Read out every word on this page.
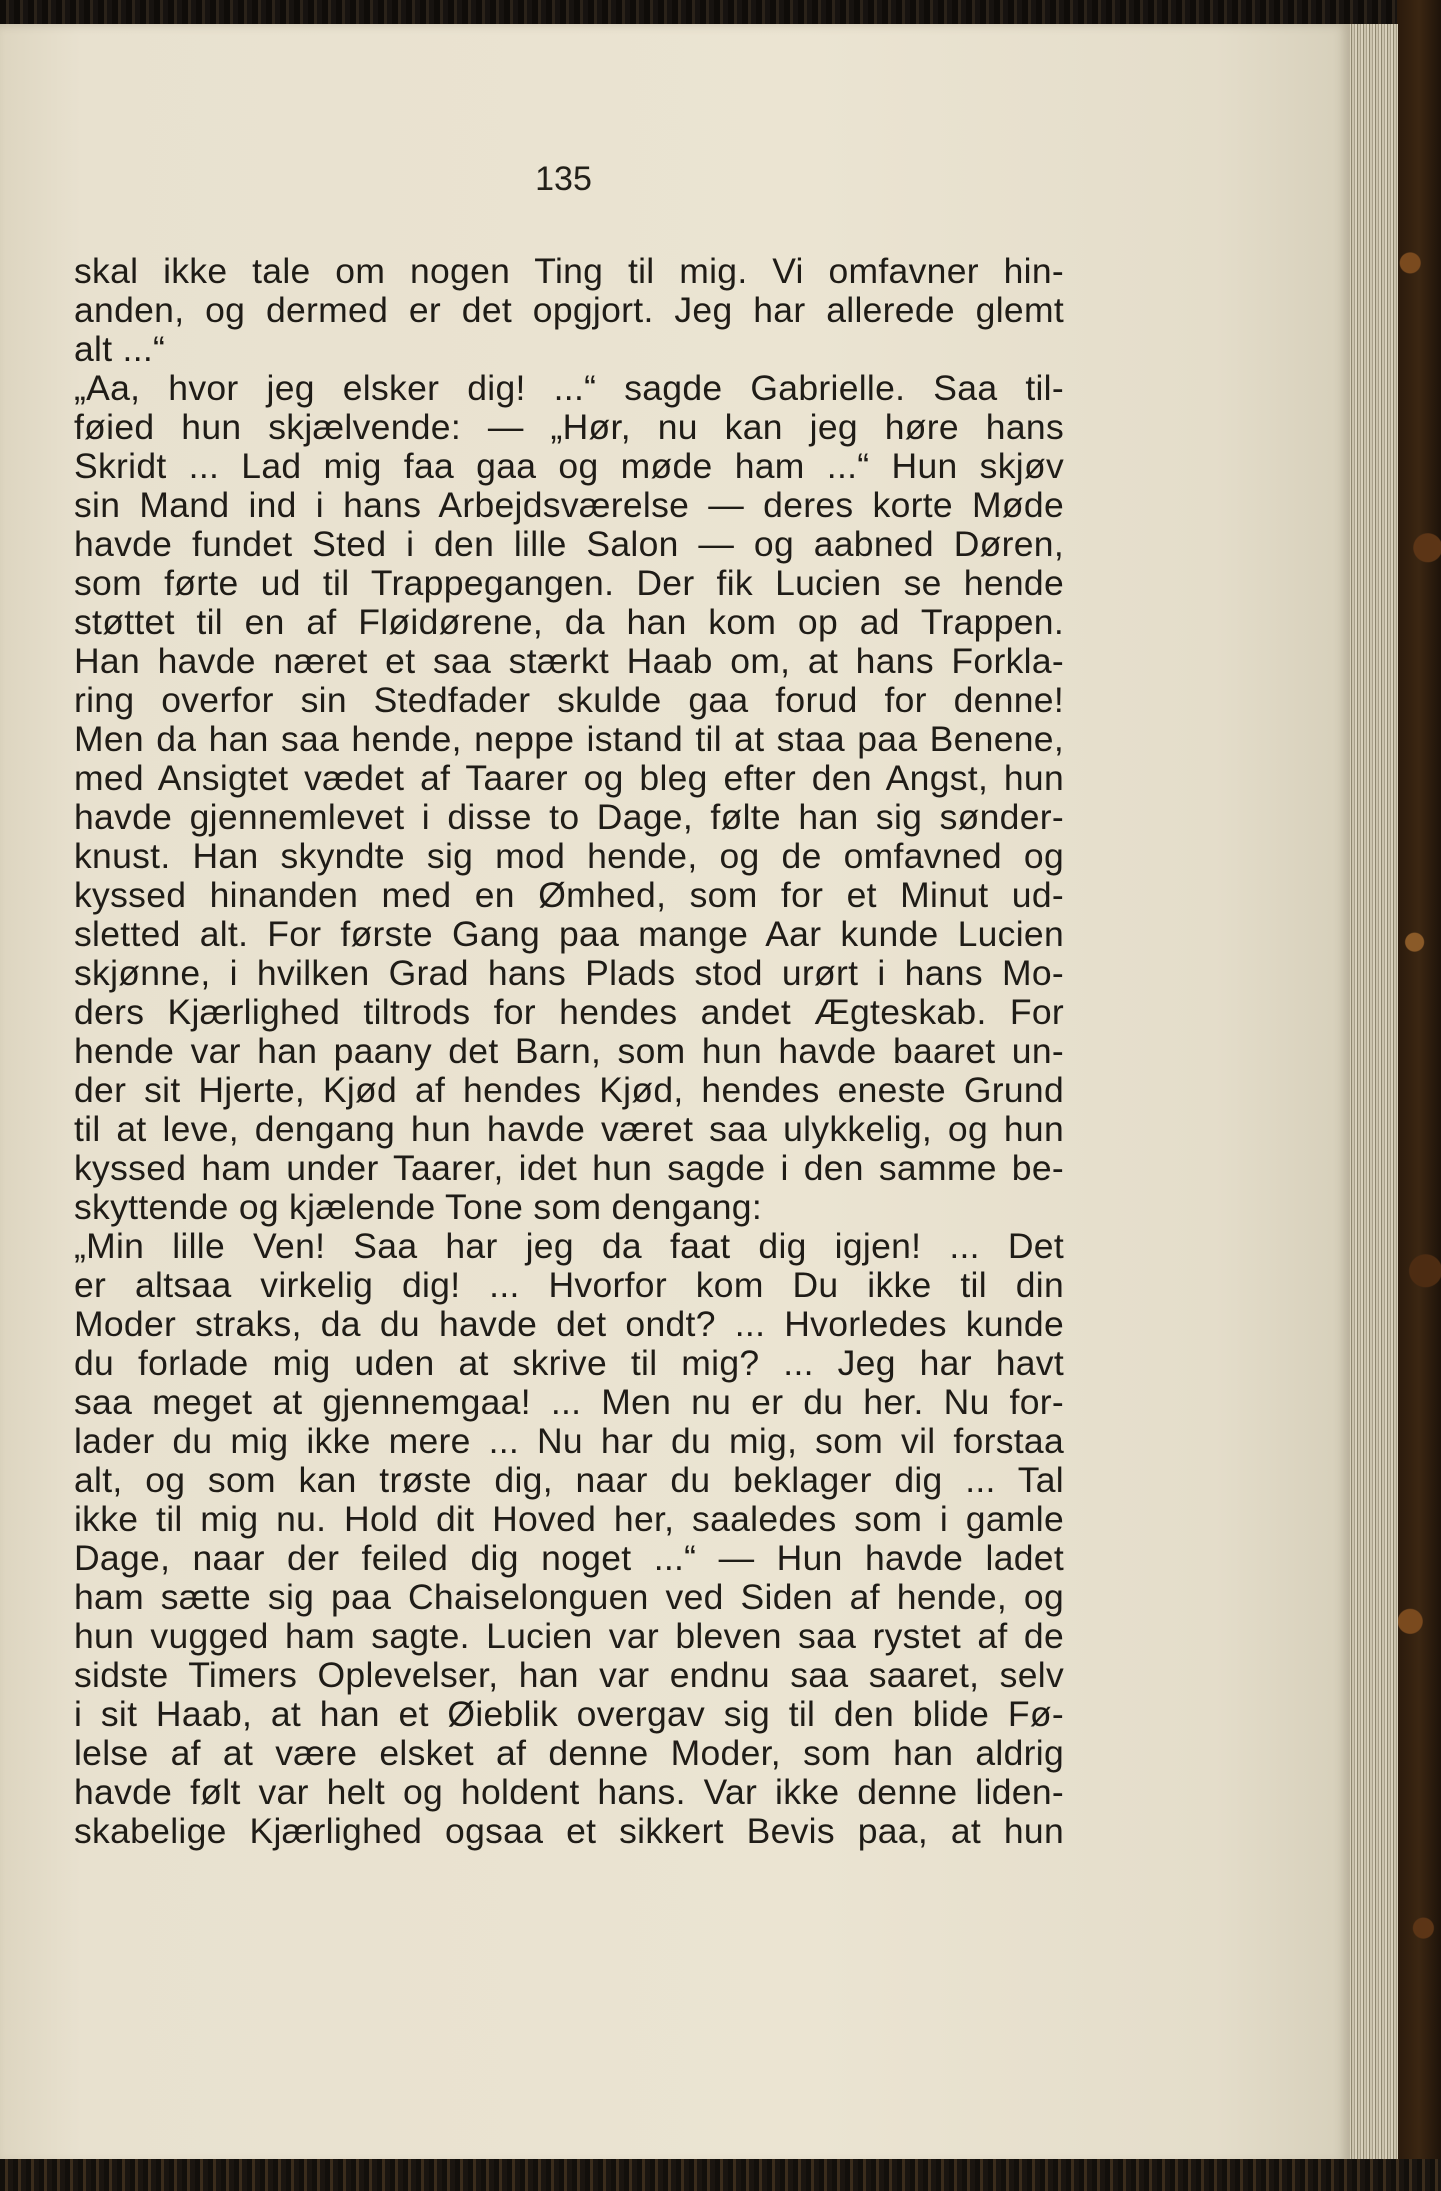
135
skal ikke tale om nogen Ting til mig. Vi omfavner hin-
anden, og dermed er det opgjort. Jeg har allerede glemt
alt ...“
„Aa, hvor jeg elsker dig! ...“ sagde Gabrielle. Saa til-
føied hun skjælvende: — „Hør, nu kan jeg høre hans
Skridt ... Lad mig faa gaa og møde ham ...“ Hun skjøv
sin Mand ind i hans Arbejdsværelse — deres korte Møde
havde fundet Sted i den lille Salon — og aabned Døren,
som førte ud til Trappegangen. Der fik Lucien se hende
støttet til en af Fløidørene, da han kom op ad Trappen.
Han havde næret et saa stærkt Haab om, at hans Forkla-
ring overfor sin Stedfader skulde gaa forud for denne!
Men da han saa hende, neppe istand til at staa paa Benene,
med Ansigtet vædet af Taarer og bleg efter den Angst, hun
havde gjennemlevet i disse to Dage, følte han sig sønder-
knust. Han skyndte sig mod hende, og de omfavned og
kyssed hinanden med en Ømhed, som for et Minut ud-
sletted alt. For første Gang paa mange Aar kunde Lucien
skjønne, i hvilken Grad hans Plads stod urørt i hans Mo-
ders Kjærlighed tiltrods for hendes andet Ægteskab. For
hende var han paany det Barn, som hun havde baaret un-
der sit Hjerte, Kjød af hendes Kjød, hendes eneste Grund
til at leve, dengang hun havde været saa ulykkelig, og hun
kyssed ham under Taarer, idet hun sagde i den samme be-
skyttende og kjælende Tone som dengang:
„Min lille Ven! Saa har jeg da faat dig igjen! ... Det
er altsaa virkelig dig! ... Hvorfor kom Du ikke til din
Moder straks, da du havde det ondt? ... Hvorledes kunde
du forlade mig uden at skrive til mig? ... Jeg har havt
saa meget at gjennemgaa! ... Men nu er du her. Nu for-
lader du mig ikke mere ... Nu har du mig, som vil forstaa
alt, og som kan trøste dig, naar du beklager dig ... Tal
ikke til mig nu. Hold dit Hoved her, saaledes som i gamle
Dage, naar der feiled dig noget ...“ — Hun havde ladet
ham sætte sig paa Chaiselonguen ved Siden af hende, og
hun vugged ham sagte. Lucien var bleven saa rystet af de
sidste Timers Oplevelser, han var endnu saa saaret, selv
i sit Haab, at han et Øieblik overgav sig til den blide Fø-
lelse af at være elsket af denne Moder, som han aldrig
havde følt var helt og holdent hans. Var ikke denne liden-
skabelige Kjærlighed ogsaa et sikkert Bevis paa, at hun
